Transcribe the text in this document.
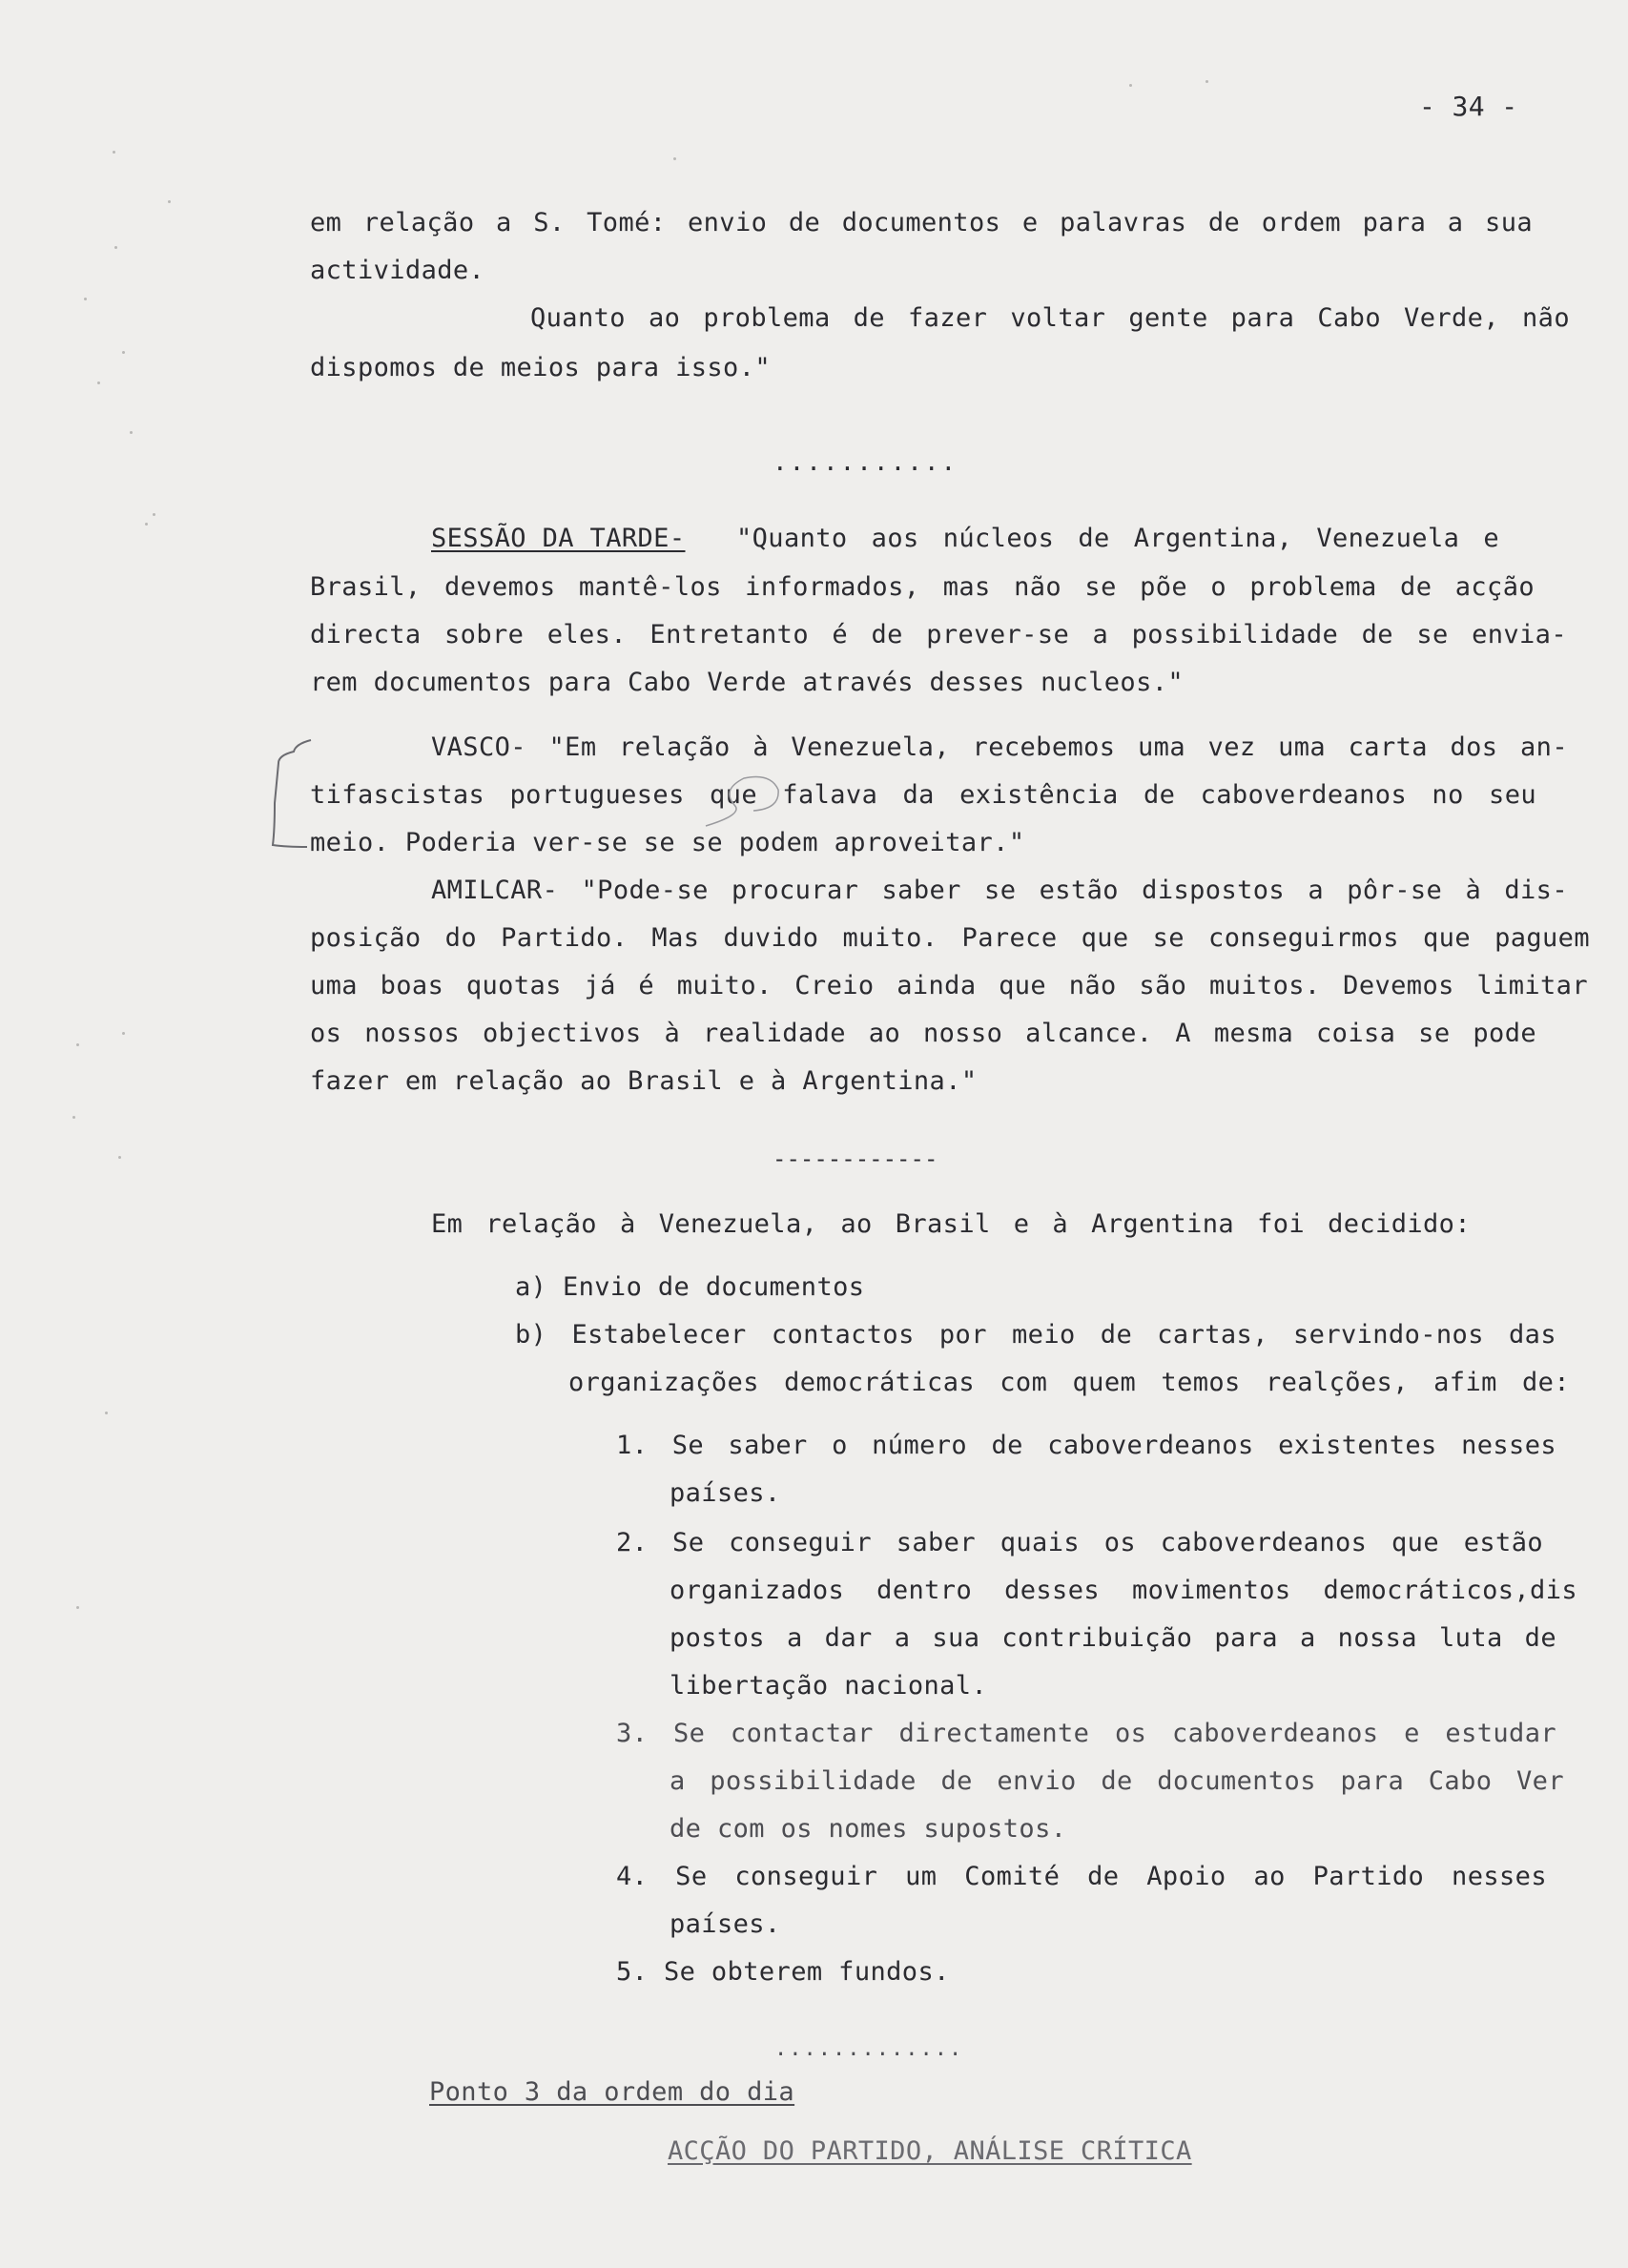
- 34 -
em relação a S. Tomé: envio de documentos e palavras de ordem para a sua
actividade.
Quanto ao problema de fazer voltar gente para Cabo Verde, não
dispomos de meios para isso."
...........
SESSÃO DA TARDE- "Quanto aos núcleos de Argentina, Venezuela e
Brasil, devemos mantê-los informados, mas não se põe o problema de acção
directa sobre eles. Entretanto é de prever-se a possibilidade de se envia-
rem documentos para Cabo Verde através desses nucleos."
VASCO- "Em relação à Venezuela, recebemos uma vez uma carta dos an-
tifascistas portugueses que falava da existência de caboverdeanos no seu
meio. Poderia ver-se se se podem aproveitar."
AMILCAR- "Pode-se procurar saber se estão dispostos a pôr-se à dis-
posição do Partido. Mas duvido muito. Parece que se conseguirmos que paguem
uma boas quotas já é muito. Creio ainda que não são muitos. Devemos limitar
os nossos objectivos à realidade ao nosso alcance. A mesma coisa se pode
fazer em relação ao Brasil e à Argentina."
------------
Em relação à Venezuela, ao Brasil e à Argentina foi decidido:
a) Envio de documentos
b) Estabelecer contactos por meio de cartas, servindo-nos das
organizações democráticas com quem temos realções, afim de:
1. Se saber o número de caboverdeanos existentes nesses
países.
2. Se conseguir saber quais os caboverdeanos que estão
organizados dentro desses movimentos democráticos,dis
postos a dar a sua contribuição para a nossa luta de
libertação nacional.
3. Se contactar directamente os caboverdeanos e estudar
a possibilidade de envio de documentos para Cabo Ver
de com os nomes supostos.
4. Se conseguir um Comité de Apoio ao Partido nesses
países.
5. Se obterem fundos.
.............
Ponto 3 da ordem do dia
ACÇÃO DO PARTIDO, ANÁLISE CRÍTICA
